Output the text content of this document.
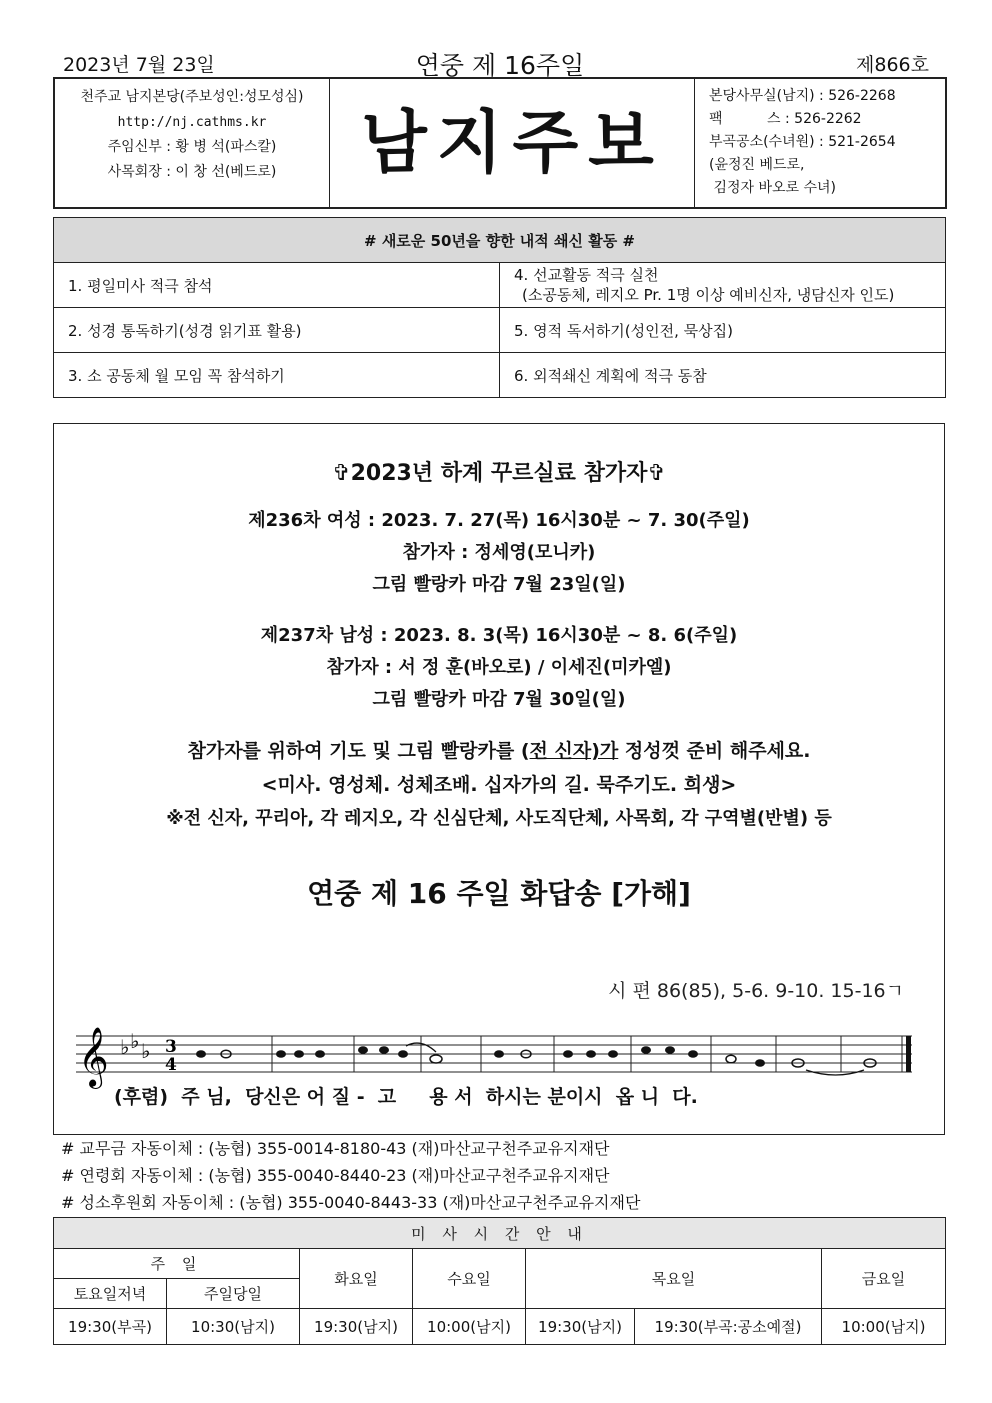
2023년 7월 23일	연중 제 16주일	제866호
천주교 남지본당(주보성인:성모성심)
http://nj.cathms.kr
주임신부 : 황 병 석(파스칼)
사목회장 : 이 창 선(베드로)	남지주보
본당사무실(남지) : 526-2268
팩          스 : 526-2262
부곡공소(수녀원) : 521-2654
(윤정진 베드로,
김정자 바오로 수녀)
# 새로운 50년을 향한 내적 쇄신 활동 #	
1. 평일미사 적극 참석	4. 선교활동 적극 실천
(소공동체, 레지오 Pr. 1명 이상 예비신자, 냉담신자 인도)

2. 성경 통독하기(성경 읽기표 활용)	5. 영적 독서하기(성인전, 묵상집)
3. 소 공동체 월 모임 꼭 참석하기	6. 외적쇄신 계획에 적극 동참
✞2023년 하계 꾸르실료 참가자✞
제236차 여성 : 2023. 7. 27(목) 16시30분 ~ 7. 30(주일)
참가자 : 정세영(모니카)
그림 빨랑카 마감 7월 23일(일)
제237차 남성 : 2023. 8. 3(목) 16시30분 ~ 8. 6(주일)
참가자 : 서 정 훈(바오로) / 이세진(미카엘)
그림 빨랑카 마감 7월 30일(일)
참가자를 위하여 기도 및 그림 빨랑카를 (전 신자)가 정성껏 준비 해주세요.
<미사. 영성체. 성체조배. 십자가의 길. 묵주기도. 희생>
※전 신자, 꾸리아, 각 레지오, 각 신심단체, 사도직단체, 사목회, 각 구역별(반별) 등
연중 제 16 주일 화답송 [가해]
시 편 86(85), 5-6. 9-10. 15-16ㄱ
𝄞 ♭ ♭ ♭ 3
4
(후렴)  주 님,  당신은 어 질 -  고     용 서  하시는 분이시  옵 니  다.
# 교무금 자동이체 : (농협) 355-0014-8180-43 (재)마산교구천주교유지재단
# 연령회 자동이체 : (농협) 355-0040-8440-23 (재)마산교구천주교유지재단
# 성소후원회 자동이체 : (농협) 355-0040-8443-33 (재)마산교구천주교유지재단
미 사 시 간 안 내						
주 일		화요일	수요일	목요일		금요일
토요일저녁	주일당일					
19:30(부곡)	10:30(남지)	19:30(남지)	10:00(남지)	19:30(남지)	19:30(부곡:공소예절)	10:00(남지)
